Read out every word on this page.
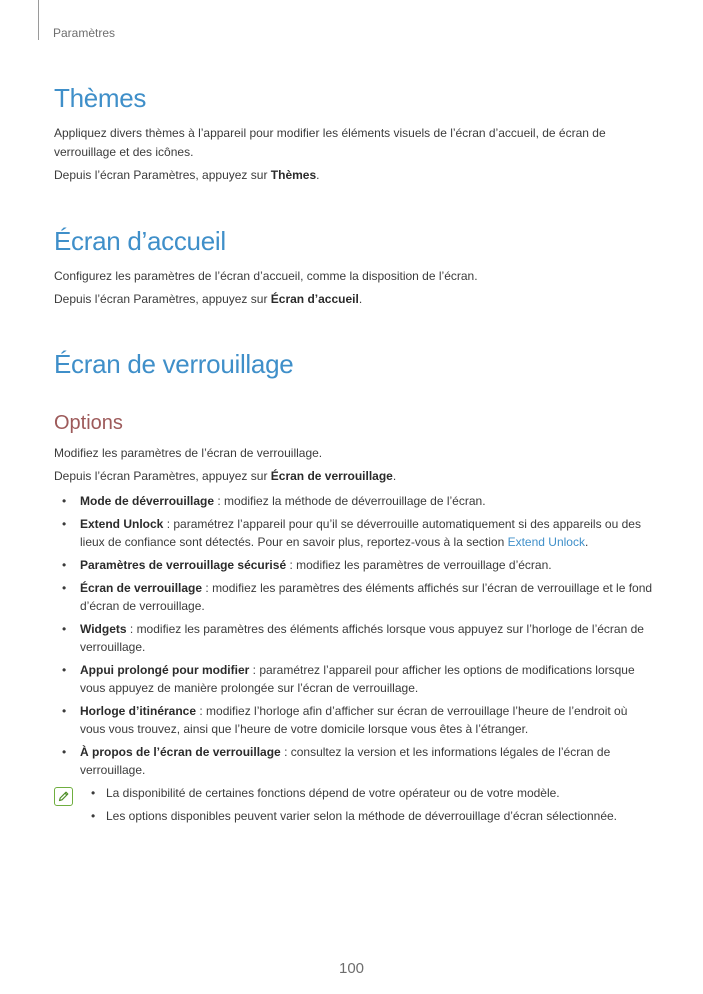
Paramètres
Thèmes

Appliquez divers thèmes à l’appareil pour modifier les éléments visuels de l’écran d’accueil, de écran de verrouillage et des icônes.

Depuis l’écran Paramètres, appuyez sur Thèmes.

Écran d’accueil

Configurez les paramètres de l’écran d’accueil, comme la disposition de l’écran.

Depuis l’écran Paramètres, appuyez sur Écran d’accueil.

Écran de verrouillage
Options

Modifiez les paramètres de l’écran de verrouillage.

Depuis l’écran Paramètres, appuyez sur Écran de verrouillage.

• Mode de déverrouillage : modifiez la méthode de déverrouillage de l’écran.
• Extend Unlock : paramétrez l’appareil pour qu’il se déverrouille automatiquement si des appareils ou des lieux de confiance sont détectés. Pour en savoir plus, reportez-vous à la section Extend Unlock.
• Paramètres de verrouillage sécurisé : modifiez les paramètres de verrouillage d’écran.
• Écran de verrouillage : modifiez les paramètres des éléments affichés sur l’écran de verrouillage et le fond d’écran de verrouillage.
• Widgets : modifiez les paramètres des éléments affichés lorsque vous appuyez sur l’horloge de l’écran de verrouillage.
• Appui prolongé pour modifier : paramétrez l’appareil pour afficher les options de modifications lorsque vous appuyez de manière prolongée sur l’écran de verrouillage.
• Horloge d’itinérance : modifiez l’horloge afin d’afficher sur écran de verrouillage l’heure de l’endroit où vous vous trouvez, ainsi que l’heure de votre domicile lorsque vous êtes à l’étranger.
• À propos de l’écran de verrouillage : consultez la version et les informations légales de l’écran de verrouillage.
• La disponibilité de certaines fonctions dépend de votre opérateur ou de votre modèle.
• Les options disponibles peuvent varier selon la méthode de déverrouillage d’écran sélectionnée.
100
